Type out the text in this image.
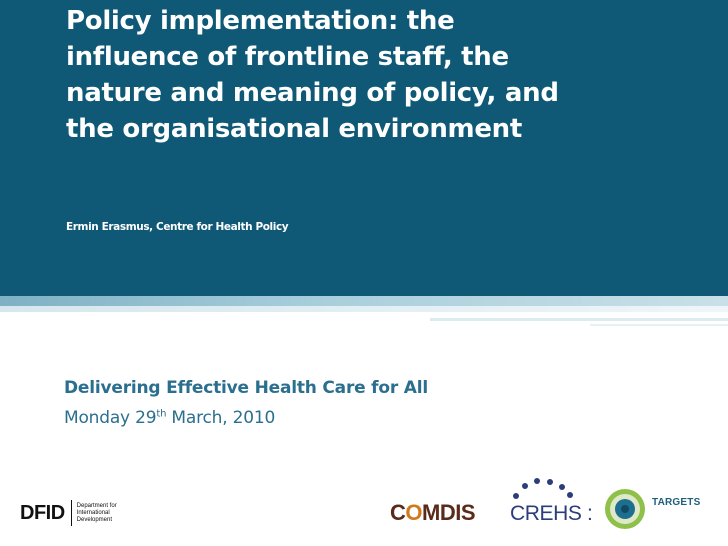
Policy implementation: the
influence of frontline staff, the
nature and meaning of policy, and
the organisational environment
Ermin Erasmus, Centre for Health Policy
Delivering Effective Health Care for All
Monday 29th March, 2010
DFID Department for
International
Development	COMDIS CREHS :	TARGETS
